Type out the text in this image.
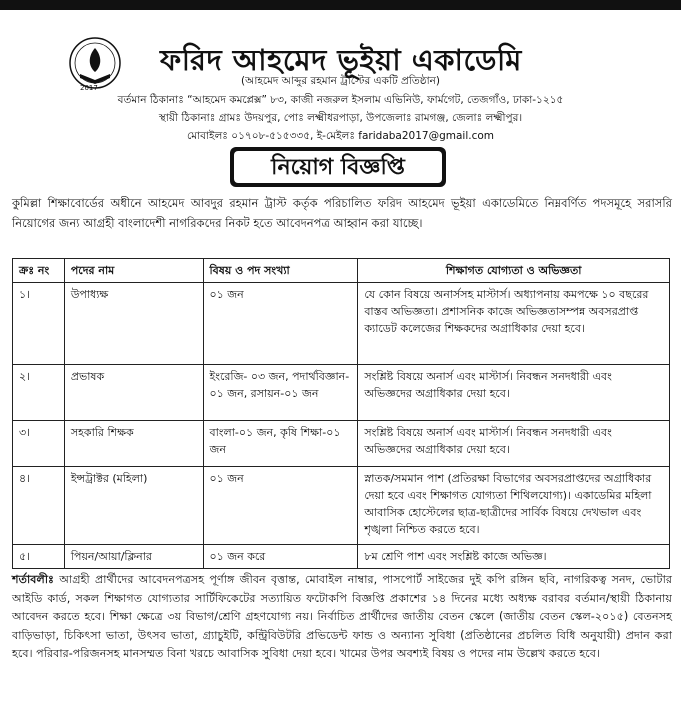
2017
ফরিদ আহমেদ ভূইয়া একাডেমি
(আহমেদ আব্দুর রহমান ট্রাস্টের একটি প্রতিষ্ঠান)
বর্তমান ঠিকানাঃ “আহমেদ কমপ্লেক্স” ৮৩, কাজী নজরুল ইসলাম এভিনিউ, ফার্মগেট, তেজগাঁও, ঢাকা-১২১৫
স্থায়ী ঠিকানাঃ গ্রামঃ উদয়পুর, পোঃ লক্ষ্মীধরপাড়া, উপজেলাঃ রামগঞ্জ, জেলাঃ লক্ষ্মীপুর।
মোবাইলঃ ০১৭০৮-৫১৫৩৩৫, ই-মেইলঃ faridaba2017@gmail.com
নিয়োগ বিজ্ঞপ্তি
কুমিল্লা শিক্ষাবোর্ডের অধীনে আহমেদ আবদুর রহমান ট্রাস্ট কর্তৃক পরিচালিত ফরিদ আহমেদ ভূইয়া একাডেমিতে নিম্নবর্ণিত পদসমূহে সরাসরি নিয়োগের জন্য আগ্রহী বাংলাদেশী নাগরিকদের নিকট হতে আবেদনপত্র আহ্বান করা যাচ্ছে।
ক্রঃ নং	পদের নাম	বিষয় ও পদ সংখ্যা	শিক্ষাগত যোগ্যতা ও অভিজ্ঞতা
১।	উপাধ্যক্ষ	০১ জন	যে কোন বিষয়ে অনার্সসহ মাস্টার্স। অধ্যাপনায় কমপক্ষে ১০ বছরের বাস্তব অভিজ্ঞতা। প্রশাসনিক কাজে অভিজ্ঞতাসম্পন্ন অবসরপ্রাপ্ত ক্যাডেট কলেজের শিক্ষকদের অগ্রাধিকার দেয়া হবে।
২।	প্রভাষক	ইংরেজি- ০৩ জন, পদার্থবিজ্ঞান- ০১ জন, রসায়ন-০১ জন	সংশ্লিষ্ট বিষয়ে অনার্স এবং মাস্টার্স। নিবন্ধন সনদধারী এবং অভিজ্ঞদের অগ্রাধিকার দেয়া হবে।
৩।	সহকারি শিক্ষক	বাংলা-০১ জন, কৃষি শিক্ষা-০১ জন	সংশ্লিষ্ট বিষয়ে অনার্স এবং মাস্টার্স। নিবন্ধন সনদধারী এবং অভিজ্ঞদের অগ্রাধিকার দেয়া হবে।
৪।	ইন্সট্রাক্টর (মহিলা)	০১ জন	স্নাতক/সমমান পাশ (প্রতিরক্ষা বিভাগের অবসরপ্রাপ্তদের অগ্রাধিকার দেয়া হবে এবং শিক্ষাগত যোগ্যতা শিথিলযোগ্য)। একাডেমির মহিলা আবাসিক হোস্টেলের ছাত্র-ছাত্রীদের সার্বিক বিষয়ে দেখভাল এবং শৃঙ্খলা নিশ্চিত করতে হবে।
৫।	পিয়ন/আয়া/ক্লিনার	০১ জন করে	৮ম শ্রেণি পাশ এবং সংশ্লিষ্ট কাজে অভিজ্ঞ।
শর্তাবলীঃ আগ্রহী প্রার্থীদের আবেদনপত্রসহ পূর্ণাঙ্গ জীবন বৃত্তান্ত, মোবাইল নাম্বার, পাসপোর্ট সাইজের দুই কপি রঙ্গিন ছবি, নাগরিকত্ব সনদ, ভোটার আইডি কার্ড, সকল শিক্ষাগত যোগ্যতার সার্টিফিকেটের সত্যায়িত ফটোকপি বিজ্ঞপ্তি প্রকাশের ১৪ দিনের মধ্যে অধ্যক্ষ বরাবর বর্তমান/স্থায়ী ঠিকানায় আবেদন করতে হবে। শিক্ষা ক্ষেত্রে ৩য় বিভাগ/শ্রেণি গ্রহণযোগ্য নয়। নির্বাচিত প্রার্থীদের জাতীয় বেতন স্কেলে (জাতীয় বেতন স্কেল-২০১৫) বেতনসহ বাড়িভাড়া, চিকিৎসা ভাতা, উৎসব ভাতা, গ্র্যাচুইটি, কন্ট্রিবিউটরি প্রভিডেন্ট ফান্ড ও অন্যান্য সুবিধা (প্রতিষ্ঠানের প্রচলিত বিধি অনুযায়ী) প্রদান করা হবে। পরিবার-পরিজনসহ মানসম্মত বিনা খরচে আবাসিক সুবিধা দেয়া হবে। খামের উপর অবশ্যই বিষয় ও পদের নাম উল্লেখ করতে হবে।
